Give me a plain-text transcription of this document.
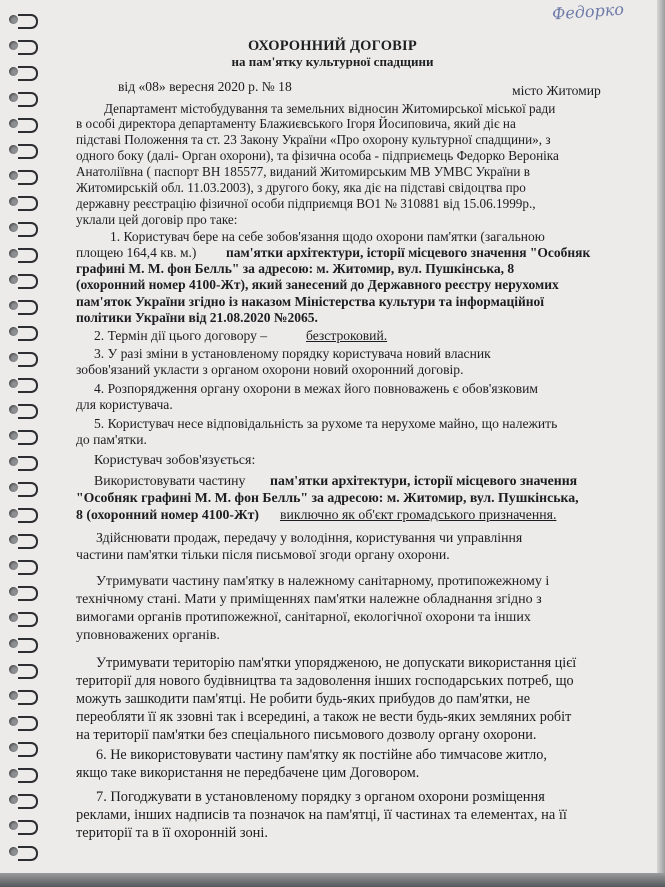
Федорко
ОХОРОННИЙ ДОГОВІР
на пам'ятку культурної спадщини
від «08» вересня 2020 р. № 18	місто Житомир
Департамент містобудування та земельних відносин Житомирської міської ради
в особі директора департаменту Блажиєвського Ігоря Йосиповича, який діє на
підставі Положення та ст. 23 Закону України «Про охорону культурної спадщини», з
одного боку (далі- Орган охорони), та фізична особа - підприємець Федорко Вероніка
Анатоліївна ( паспорт ВН 185577, виданий Житомирським МВ УМВС України в
Житомирській обл. 11.03.2003), з другого боку, яка діє на підставі свідоцтва про
державну реєстрацію фізичної особи підприємця ВО1 № 310881 від 15.06.1999р.,
уклали цей договір про таке:
1. Користувач бере на себе зобов'язання щодо охорони пам'ятки (загальною
площею 164,4 кв. м.) пам'ятки архітектури, історії місцевого значення "Особняк
графині М. М. фон Белль" за адресою: м. Житомир, вул. Пушкінська, 8
(охоронний номер 4100-Жт), який занесений до Державного реєстру нерухомих
пам'яток України згідно із наказом Міністерства культури та інформаційної
політики України від 21.08.2020 №2065.
2. Термін дії цього договору –	безстроковий.
3. У разі зміни в установленому порядку користувача новий власник
зобов'язаний укласти з органом охорони новий охоронний договір.
4. Розпорядження органу охорони в межах його повноважень є обов'язковим
для користувача.
5. Користувач несе відповідальність за рухоме та нерухоме майно, що належить
до пам'ятки.
Користувач зобов'язується:
Використовувати частину пам'ятки архітектури, історії місцевого значення
"Особняк графині М. М. фон Белль" за адресою: м. Житомир, вул. Пушкінська,
8 (охоронний номер 4100-Жт) виключно як об'єкт громадського призначення.
Здійснювати продаж, передачу у володіння, користування чи управління
частини пам'ятки тільки після письмової згоди органу охорони.
Утримувати частину пам'ятку в належному санітарному, протипожежному і
технічному стані. Мати у приміщеннях пам'ятки належне обладнання згідно з
вимогами органів протипожежної, санітарної, екологічної охорони та інших
уповноважених органів.
Утримувати територію пам'ятки упорядженою, не допускати використання цієї
території для нового будівництва та задоволення інших господарських потреб, що
можуть зашкодити пам'ятці. Не робити будь-яких прибудов до пам'ятки, не
переобляти її як ззовні так і всередині, а також не вести будь-яких земляних робіт
на території пам'ятки без спеціального письмового дозволу органу охорони.
6. Не використовувати частину пам'ятку як постійне або тимчасове житло,
якщо таке використання не передбачене цим Договором.
7. Погоджувати в установленому порядку з органом охорони розміщення
реклами, інших надписів та позначок на пам'ятці, її частинах та елементах, на її
території та в її охоронній зоні.
